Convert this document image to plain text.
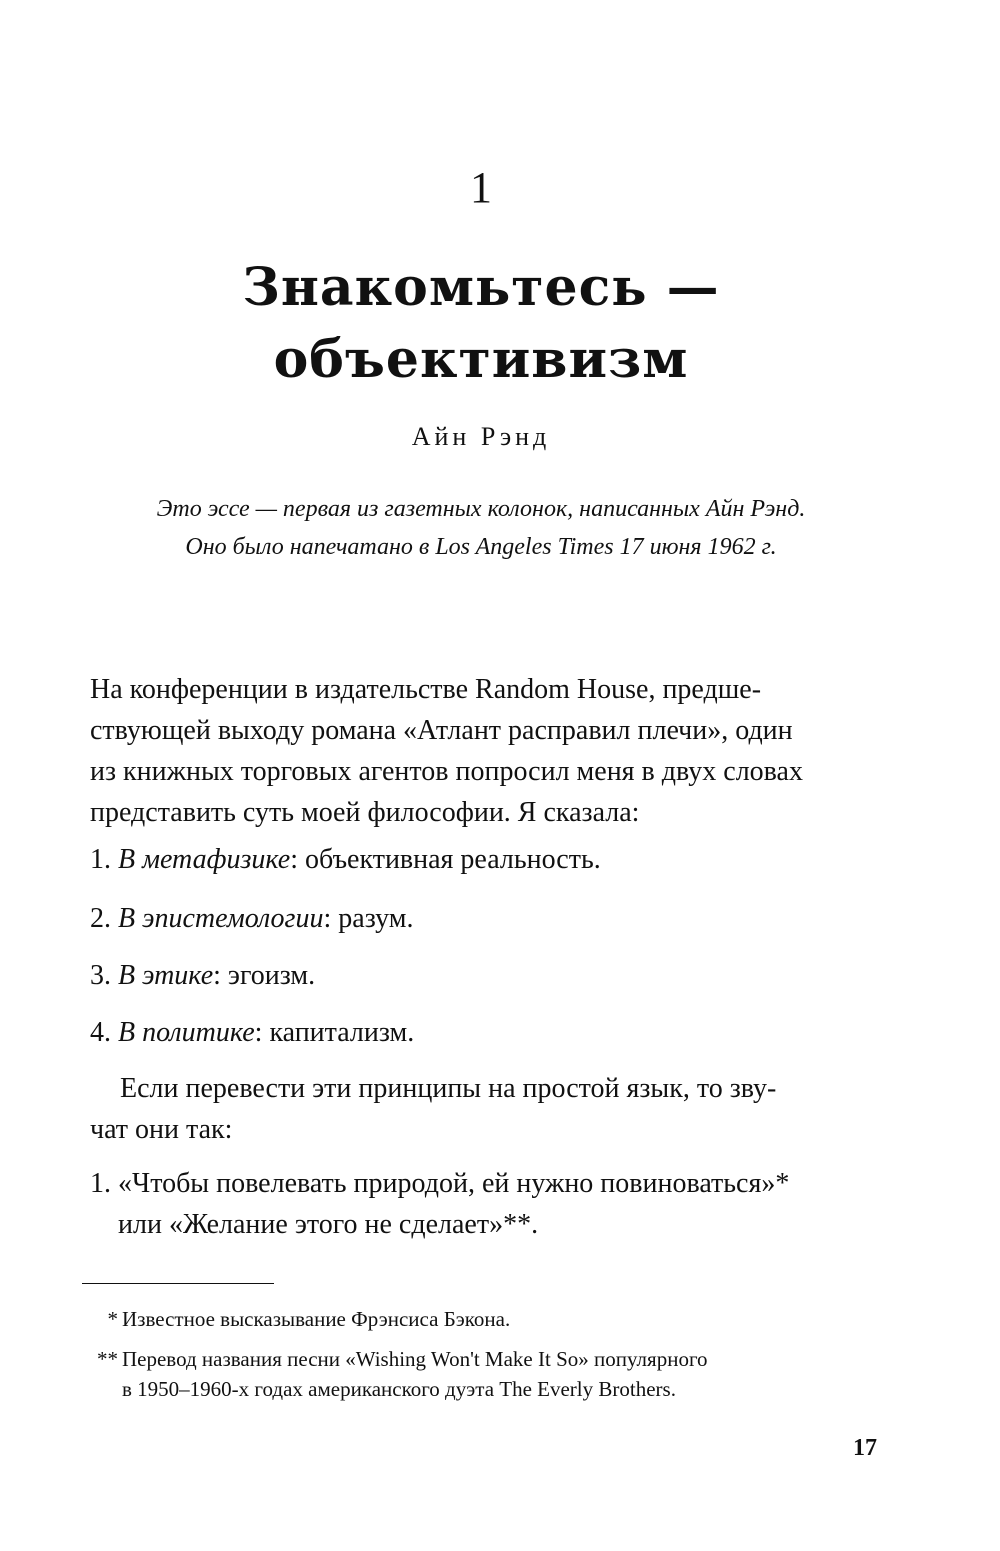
1
Знакомьтесь —
объективизм
Айн Рэнд
Это эссе — первая из газетных колонок, написанных Айн Рэнд.
Оно было напечатано в Los Angeles Times 17 июня 1962 г.
На конференции в издательстве Random House, предше-
ствующей выходу романа «Атлант расправил плечи», один
из книжных торговых агентов попросил меня в двух словах
представить суть моей философии. Я сказала:
1. В метафизике: объективная реальность.
2. В эпистемологии: разум.
3. В этике: эгоизм.
4. В политике: капитализм.
Если перевести эти принципы на простой язык, то зву-
чат они так:
1. «Чтобы повелевать природой, ей нужно повиноваться»*
или «Желание этого не сделает»**.
* Известное высказывание Фрэнсиса Бэкона.
** Перевод названия песни «Wishing Won't Make It So» популярного
в 1950–1960-х годах американского дуэта The Everly Brothers.
17
